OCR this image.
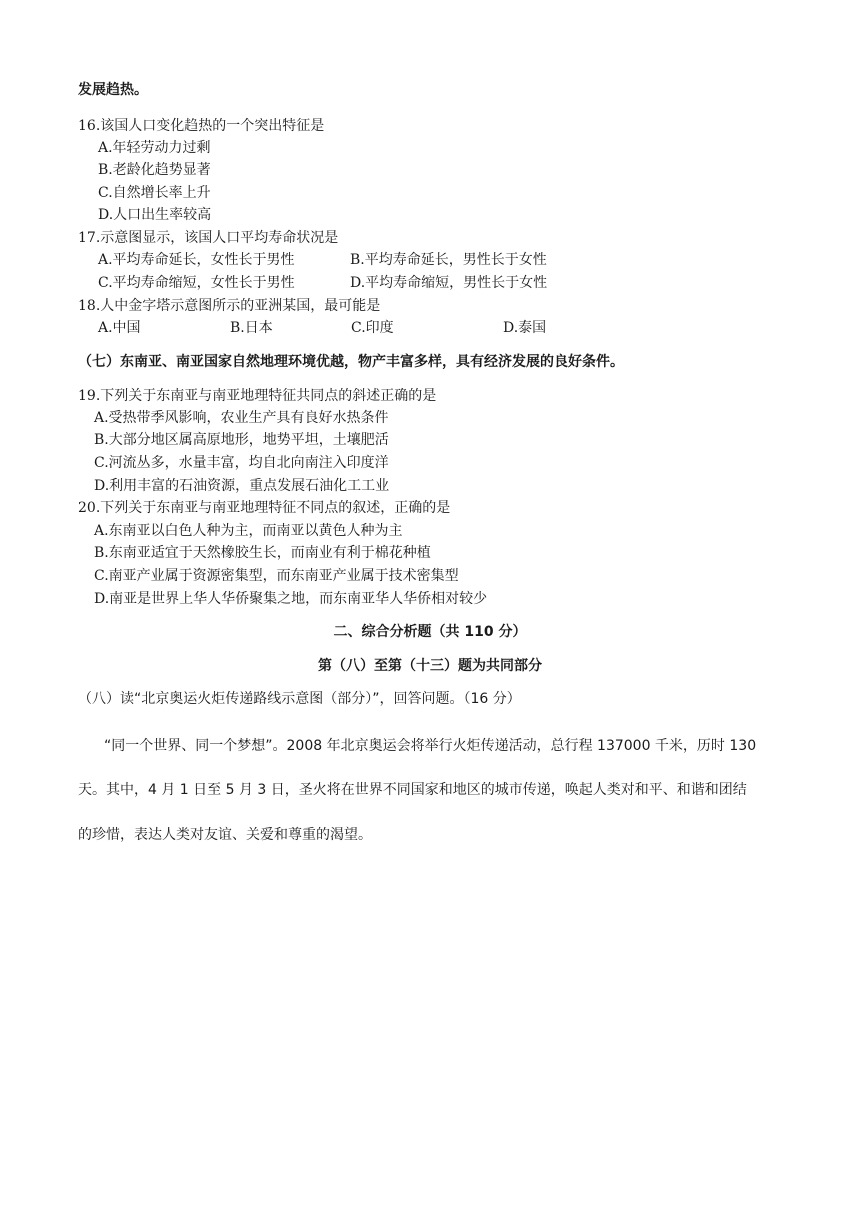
发展趋热。
16.该国人口变化趋热的一个突出特征是
A.年轻劳动力过剩
B.老龄化趋势显著
C.自然增长率上升
D.人口出生率较高
17.示意图显示，该国人口平均寿命状况是
A.平均寿命延长，女性长于男性	B.平均寿命延长，男性长于女性
C.平均寿命缩短，女性长于男性	D.平均寿命缩短，男性长于女性
18.人中金字塔示意图所示的亚洲某国，最可能是
A.中国	B.日本	C.印度	D.泰国
（七）东南亚、南亚国家自然地理环境优越，物产丰富多样，具有经济发展的良好条件。
19.下列关于东南亚与南亚地理特征共同点的斜述正确的是
A.受热带季风影响，农业生产具有良好水热条件
B.大部分地区属高原地形，地势平坦，土壤肥活
C.河流丛多，水量丰富，均自北向南注入印度洋
D.利用丰富的石油资源，重点发展石油化工工业
20.下列关于东南亚与南亚地理特征不同点的叙述，正确的是
A.东南亚以白色人种为主，而南亚以黄色人种为主
B.东南亚适宜于天然橡胶生长，而南业有利于棉花种植
C.南亚产业属于资源密集型，而东南亚产业属于技术密集型
D.南亚是世界上华人华侨聚集之地，而东南亚华人华侨相对较少
二、综合分析题（共 110 分）
第（八）至第（十三）题为共同部分
（八）读“北京奥运火炬传递路线示意图（部分）”，回答问题。（16 分）
“同一个世界、同一个梦想”。2008 年北京奥运会将举行火炬传递活动，总行程 137000 千米，历时 130
天。其中，4 月 1 日至 5 月 3 日，圣火将在世界不同国家和地区的城市传递，唤起人类对和平、和谐和团结
的珍惜，表达人类对友谊、关爱和尊重的渴望。
